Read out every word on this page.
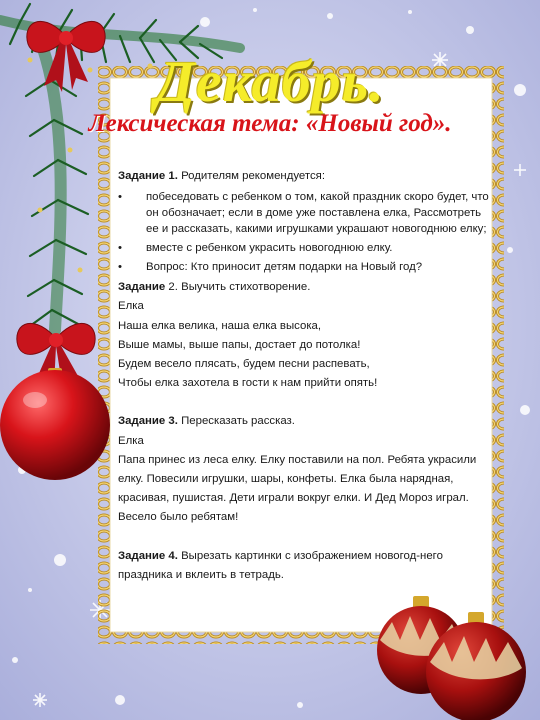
Декабрь.
Лексическая тема: «Новый год».

Задание 1. Родителям рекомендуется:

• побеседовать с ребенком о том, какой праздник скоро будет, что он обозначает; если в доме уже поставлена елка, Рассмотреть ее и рассказать, какими игрушками украшают новогоднюю елку;

• вместе с ребенком украсить новогоднюю елку.

• Вопрос: Кто приносит детям подарки на Новый год?

Задание 2. Выучить стихотворение.

Елка

Наша елка велика, наша елка высока,

Выше мамы, выше папы, достает до потолка!

Будем весело плясать, будем песни распевать,

Чтобы елка захотела в гости к нам прийти опять!

Задание 3. Пересказать рассказ.

Елка

Папа принес из леса елку. Елку поставили на пол. Ребята украсили елку. Повесили игрушки, шары, конфеты. Елка была нарядная, красивая, пушистая. Дети играли вокруг елки. И Дед Мороз играл. Весело было ребятам!

Задание 4. Вырезать картинки с изображением новогод-него праздника и вклеить в тетрадь.
